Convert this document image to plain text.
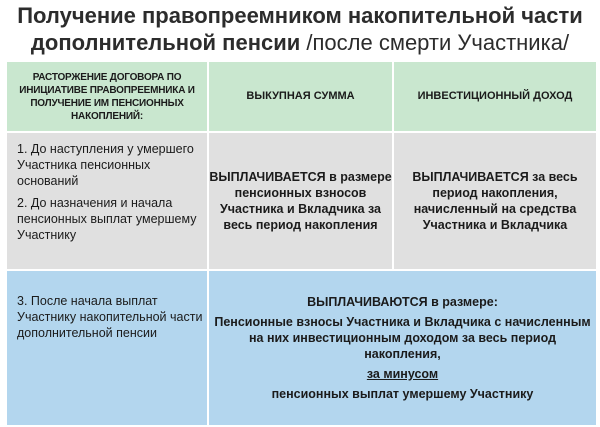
Получение правопреемником накопительной части дополнительной пенсии /после смерти Участника/
РАСТОРЖЕНИЕ ДОГОВОРА ПО ИНИЦИАТИВЕ ПРАВОПРЕЕМНИКА И ПОЛУЧЕНИЕ ИМ ПЕНСИОННЫХ НАКОПЛЕНИЙ:	ВЫКУПНАЯ СУММА	ИНВЕСТИЦИОННЫЙ ДОХОД

1. До наступления у умершего Участника пенсионных оснований
2. До назначения и начала пенсионных выплат умершему Участнику	ВЫПЛАЧИВАЕТСЯ в размере пенсионных взносов Участника и Вкладчика за весь период накопления	ВЫПЛАЧИВАЕТСЯ за весь период накопления, начисленный на средства Участника и Вкладчика
3. После начала выплат Участнику накопительной части дополнительной пенсии	ВЫПЛАЧИВАЮТСЯ в размере:
Пенсионные взносы Участника и Вкладчика с начисленным на них инвестиционным доходом за весь период накопления,
за минусом
пенсионных выплат умершему Участнику	
